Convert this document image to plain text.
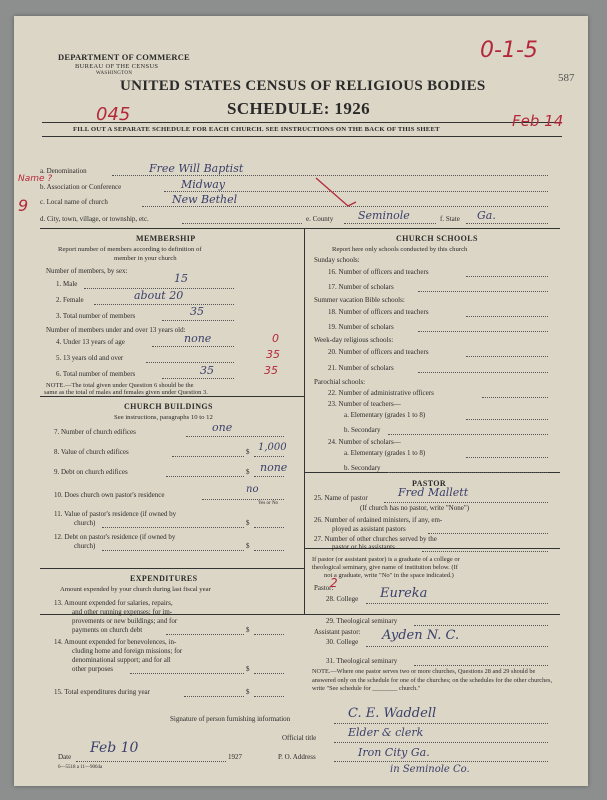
DEPARTMENT OF COMMERCE
BUREAU OF THE CENSUS
WASHINGTON
UNITED STATES CENSUS OF RELIGIOUS BODIES
SCHEDULE: 1926
587
FILL OUT A SEPARATE SCHEDULE FOR EACH CHURCH. SEE INSTRUCTIONS ON THE BACK OF THIS SHEET
0-1-5
045	Feb 14
Name ?
9
a. Denomination	Free Will Baptist
b. Association or Conference	Midway
c. Local name of church	New Bethel
d. City, town, village, or township, etc.	e. County Seminole	f. State Ga.
MEMBERSHIP
Report number of members according to definition of
member in your church
Number of members, by sex:
1. Male	15
2. Female	about 20
3. Total number of members	35
Number of members under and over 13 years old:
4. Under 13 years of age	none	0
5. 13 years old and over	35
6. Total number of members	35	35
NOTE.—The total given under Question 6 should be the
same as the total of males and females given under Question 3.
CHURCH BUILDINGS
See instructions, paragraphs 10 to 12
7. Number of church edifices	one
8. Value of church edifices	$ 1,000
9. Debt on church edifices	$ none
10. Does church own pastor's residence	no
Yes or No
11. Value of pastor's residence (if owned by
church)	$
12. Debt on pastor's residence (if owned by
church)	$
EXPENDITURES
Amount expended by your church during last fiscal year
13. Amount expended for salaries, repairs,
and other running expenses; for im-
provements or new buildings; and for
payments on church debt	$
14. Amount expended for benevolences, in-
cluding home and foreign missions; for
denominational support; and for all
other purposes	$
15. Total expenditures during year	$
CHURCH SCHOOLS
Report here only schools conducted by this church
Sunday schools:
16. Number of officers and teachers
17. Number of scholars
Summer vacation Bible schools:
18. Number of officers and teachers
19. Number of scholars
Week-day religious schools:
20. Number of officers and teachers
21. Number of scholars
Parochial schools:
22. Number of administrative officers
23. Number of teachers—
a. Elementary (grades 1 to 8)
b. Secondary
24. Number of scholars—
a. Elementary (grades 1 to 8)
b. Secondary
PASTOR
25. Name of pastor	Fred Mallett
(If church has no pastor, write "None")
26. Number of ordained ministers, if any, em-
ployed as assistant pastors
27. Number of other churches served by the
pastor or his assistants
If pastor (or assistant pastor) is a graduate of a college or
theological seminary, give name of institution below. (If
not a graduate, write "No" in the space indicated.)
Pastor:
2
28. College Eureka
29. Theological seminary
Assistant pastor:
30. College Ayden N. C.
31. Theological seminary
NOTE.—Where one pastor serves two or more churches, Questions 28 and 29 should be answered only on the schedule for one of the churches; on the schedules for the other churches, write "See schedule for ________ church."
Signature of person furnishing information	C. E. Waddell
Official title	Elder & clerk
Date
Feb 10
1927	P. O. Address	Iron City Ga.
in Seminole Co.
6—5518 a 11—9064a
